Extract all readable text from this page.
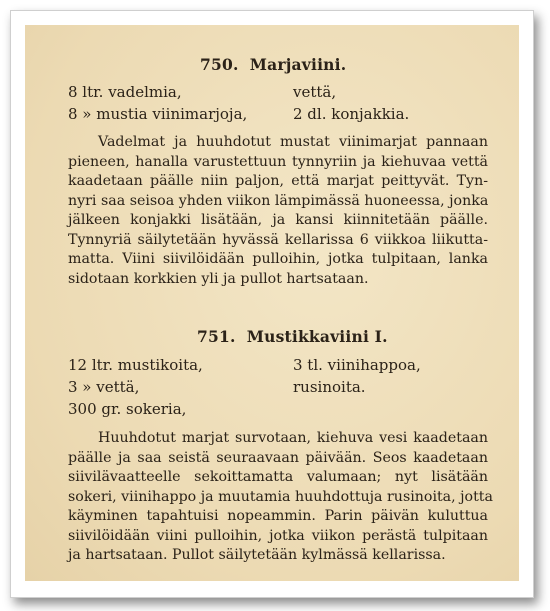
750. Marjaviini.
8 ltr. vadelmia,
8 » mustia viinimarjoja,
vettä,
2 dl. konjakkia.
Vadelmat ja huuhdotut mustat viinimarjat pannaan
pieneen, hanalla varustettuun tynnyriin ja kiehuvaa vettä
kaadetaan päälle niin paljon, että marjat peittyvät. Tyn-
nyri saa seisoa yhden viikon lämpimässä huoneessa, jonka
jälkeen konjakki lisätään, ja kansi kiinnitetään päälle.
Tynnyriä säilytetään hyvässä kellarissa 6 viikkoa liikutta-
matta. Viini siivilöidään pulloihin, jotka tulpitaan, lanka
sidotaan korkkien yli ja pullot hartsataan.
751. Mustikkaviini I.
12 ltr. mustikoita,
3 » vettä,
300 gr. sokeria,
3 tl. viinihappoa,
rusinoita.
Huuhdotut marjat survotaan, kiehuva vesi kaadetaan
päälle ja saa seistä seuraavaan päivään. Seos kaadetaan
siivilävaatteelle sekoittamatta valumaan; nyt lisätään
sokeri, viinihappo ja muutamia huuhdottuja rusinoita, jotta
käyminen tapahtuisi nopeammin. Parin päivän kuluttua
siivilöidään viini pulloihin, jotka viikon perästä tulpitaan
ja hartsataan. Pullot säilytetään kylmässä kellarissa.
